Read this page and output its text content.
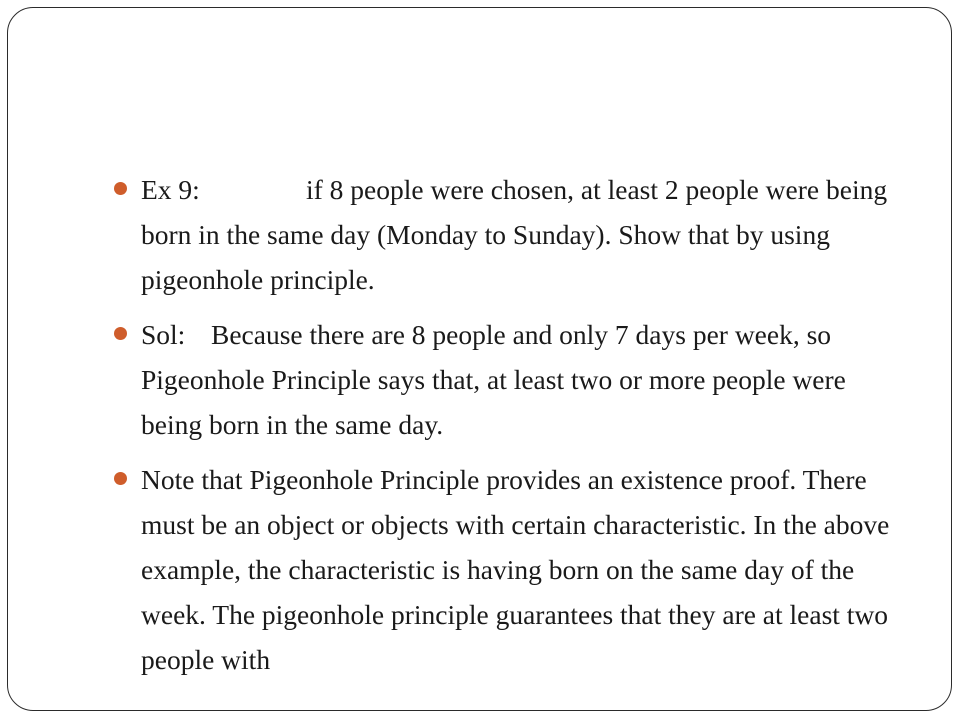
Ex 9:	if 8 people were chosen, at least 2 people were being born in the same day (Monday to Sunday). Show that by using pigeonhole principle.
Sol: Because there are 8 people and only 7 days per week, so Pigeonhole Principle says that, at least two or more people were being born in the same day.
Note that Pigeonhole Principle provides an existence proof. There must be an object or objects with certain characteristic. In the above example, the characteristic is having born on the same day of the week. The pigeonhole principle guarantees that they are at least two people with
